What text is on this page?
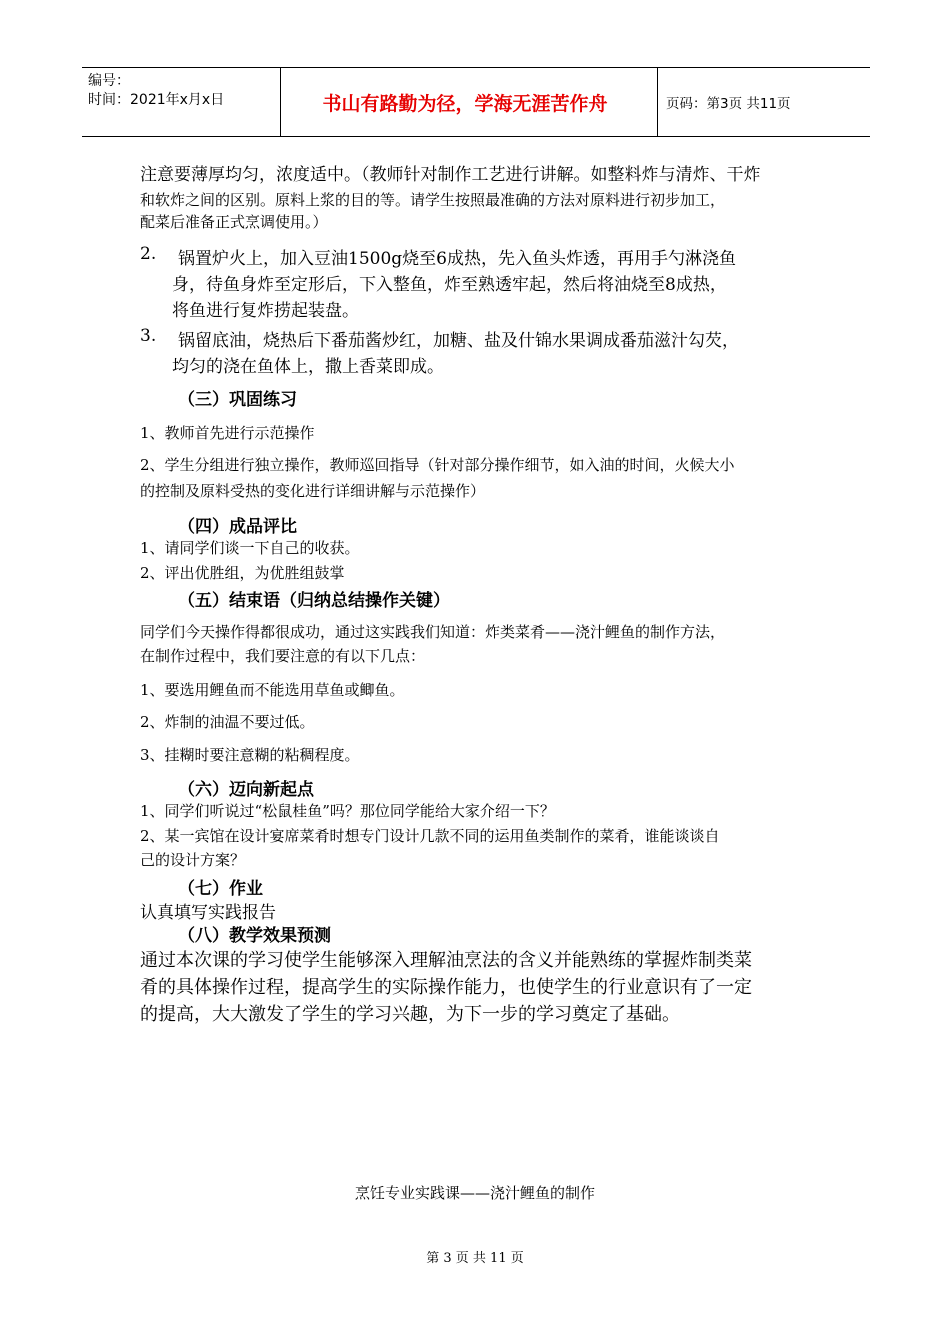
编号：
时间：2021年x月x日	书山有路勤为径，学海无涯苦作舟	页码：第3页 共11页
注意要薄厚均匀，浓度适中。（教师针对制作工艺进行讲解。如整料炸与清炸、干炸
和软炸之间的区别。原料上浆的目的等。请学生按照最准确的方法对原料进行初步加工，
配菜后准备正式烹调使用。）
2. 锅置炉火上，加入豆油1500g烧至6成热，先入鱼头炸透，再用手勺淋浇鱼
身，待鱼身炸至定形后，下入整鱼，炸至熟透牢起，然后将油烧至8成热，
将鱼进行复炸捞起装盘。
3. 锅留底油，烧热后下番茄酱炒红，加糖、盐及什锦水果调成番茄滋汁勾芡，
均匀的浇在鱼体上，撒上香菜即成。
（三）巩固练习
1、教师首先进行示范操作
2、学生分组进行独立操作，教师巡回指导（针对部分操作细节，如入油的时间，火候大小
的控制及原料受热的变化进行详细讲解与示范操作）
（四）成品评比
1、请同学们谈一下自己的收获。
2、评出优胜组，为优胜组鼓掌
（五）结束语（归纳总结操作关键）
同学们今天操作得都很成功，通过这实践我们知道：炸类菜肴——浇汁鲤鱼的制作方法，
在制作过程中，我们要注意的有以下几点：
1、要选用鲤鱼而不能选用草鱼或鲫鱼。
2、炸制的油温不要过低。
3、挂糊时要注意糊的粘稠程度。
（六）迈向新起点
1、同学们听说过“松鼠桂鱼”吗？那位同学能给大家介绍一下？
2、某一宾馆在设计宴席菜肴时想专门设计几款不同的运用鱼类制作的菜肴，谁能谈谈自
己的设计方案？
（七）作业
认真填写实践报告
（八）教学效果预测
通过本次课的学习使学生能够深入理解油烹法的含义并能熟练的掌握炸制类菜
肴的具体操作过程，提高学生的实际操作能力，也使学生的行业意识有了一定
的提高，大大激发了学生的学习兴趣，为下一步的学习奠定了基础。
烹饪专业实践课——浇汁鲤鱼的制作
第 3 页 共 11 页
